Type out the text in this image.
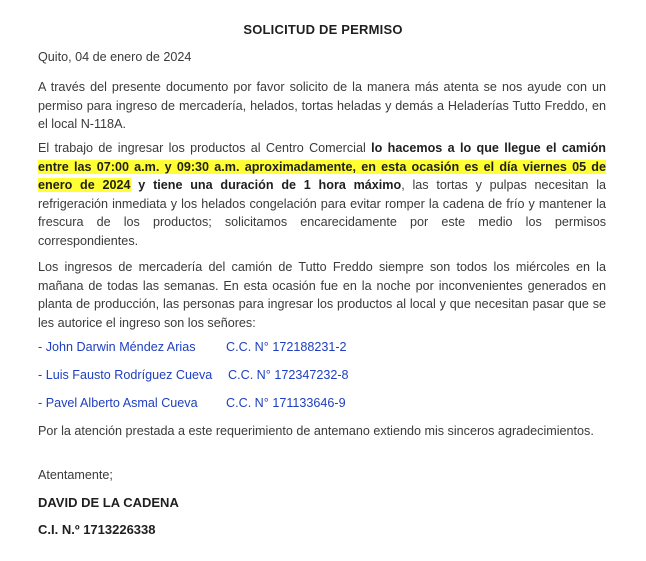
SOLICITUD DE PERMISO

Quito, 04 de enero de 2024

A través del presente documento por favor solicito de la manera más atenta se nos ayude con un permiso para ingreso de mercadería, helados, tortas heladas y demás a Heladerías Tutto Freddo, en el local N-118A.

El trabajo de ingresar los productos al Centro Comercial lo hacemos a lo que llegue el camión entre las 07:00 a.m. y 09:30 a.m. aproximadamente, en esta ocasión es el día viernes 05 de enero de 2024 y tiene una duración de 1 hora máximo, las tortas y pulpas necesitan la refrigeración inmediata y los helados congelación para evitar romper la cadena de frío y mantener la frescura de los productos; solicitamos encarecidamente por este medio los permisos correspondientes.

Los ingresos de mercadería del camión de Tutto Freddo siempre son todos los miércoles en la mañana de todas las semanas. En esta ocasión fue en la noche por inconvenientes generados en planta de producción, las personas para ingresar los productos al local y que necesitan pasar que se les autorice el ingreso son los señores:

- John Darwin Méndez Arias C.C. N° 172188231-2
- Luis Fausto Rodríguez Cueva C.C. N° 172347232-8
- Pavel Alberto Asmal Cueva C.C. N° 171133646-9

Por la atención prestada a este requerimiento de antemano extiendo mis sinceros agradecimientos.

Atentamente;

DAVID DE LA CADENA
C.I. N.º 1713226338
